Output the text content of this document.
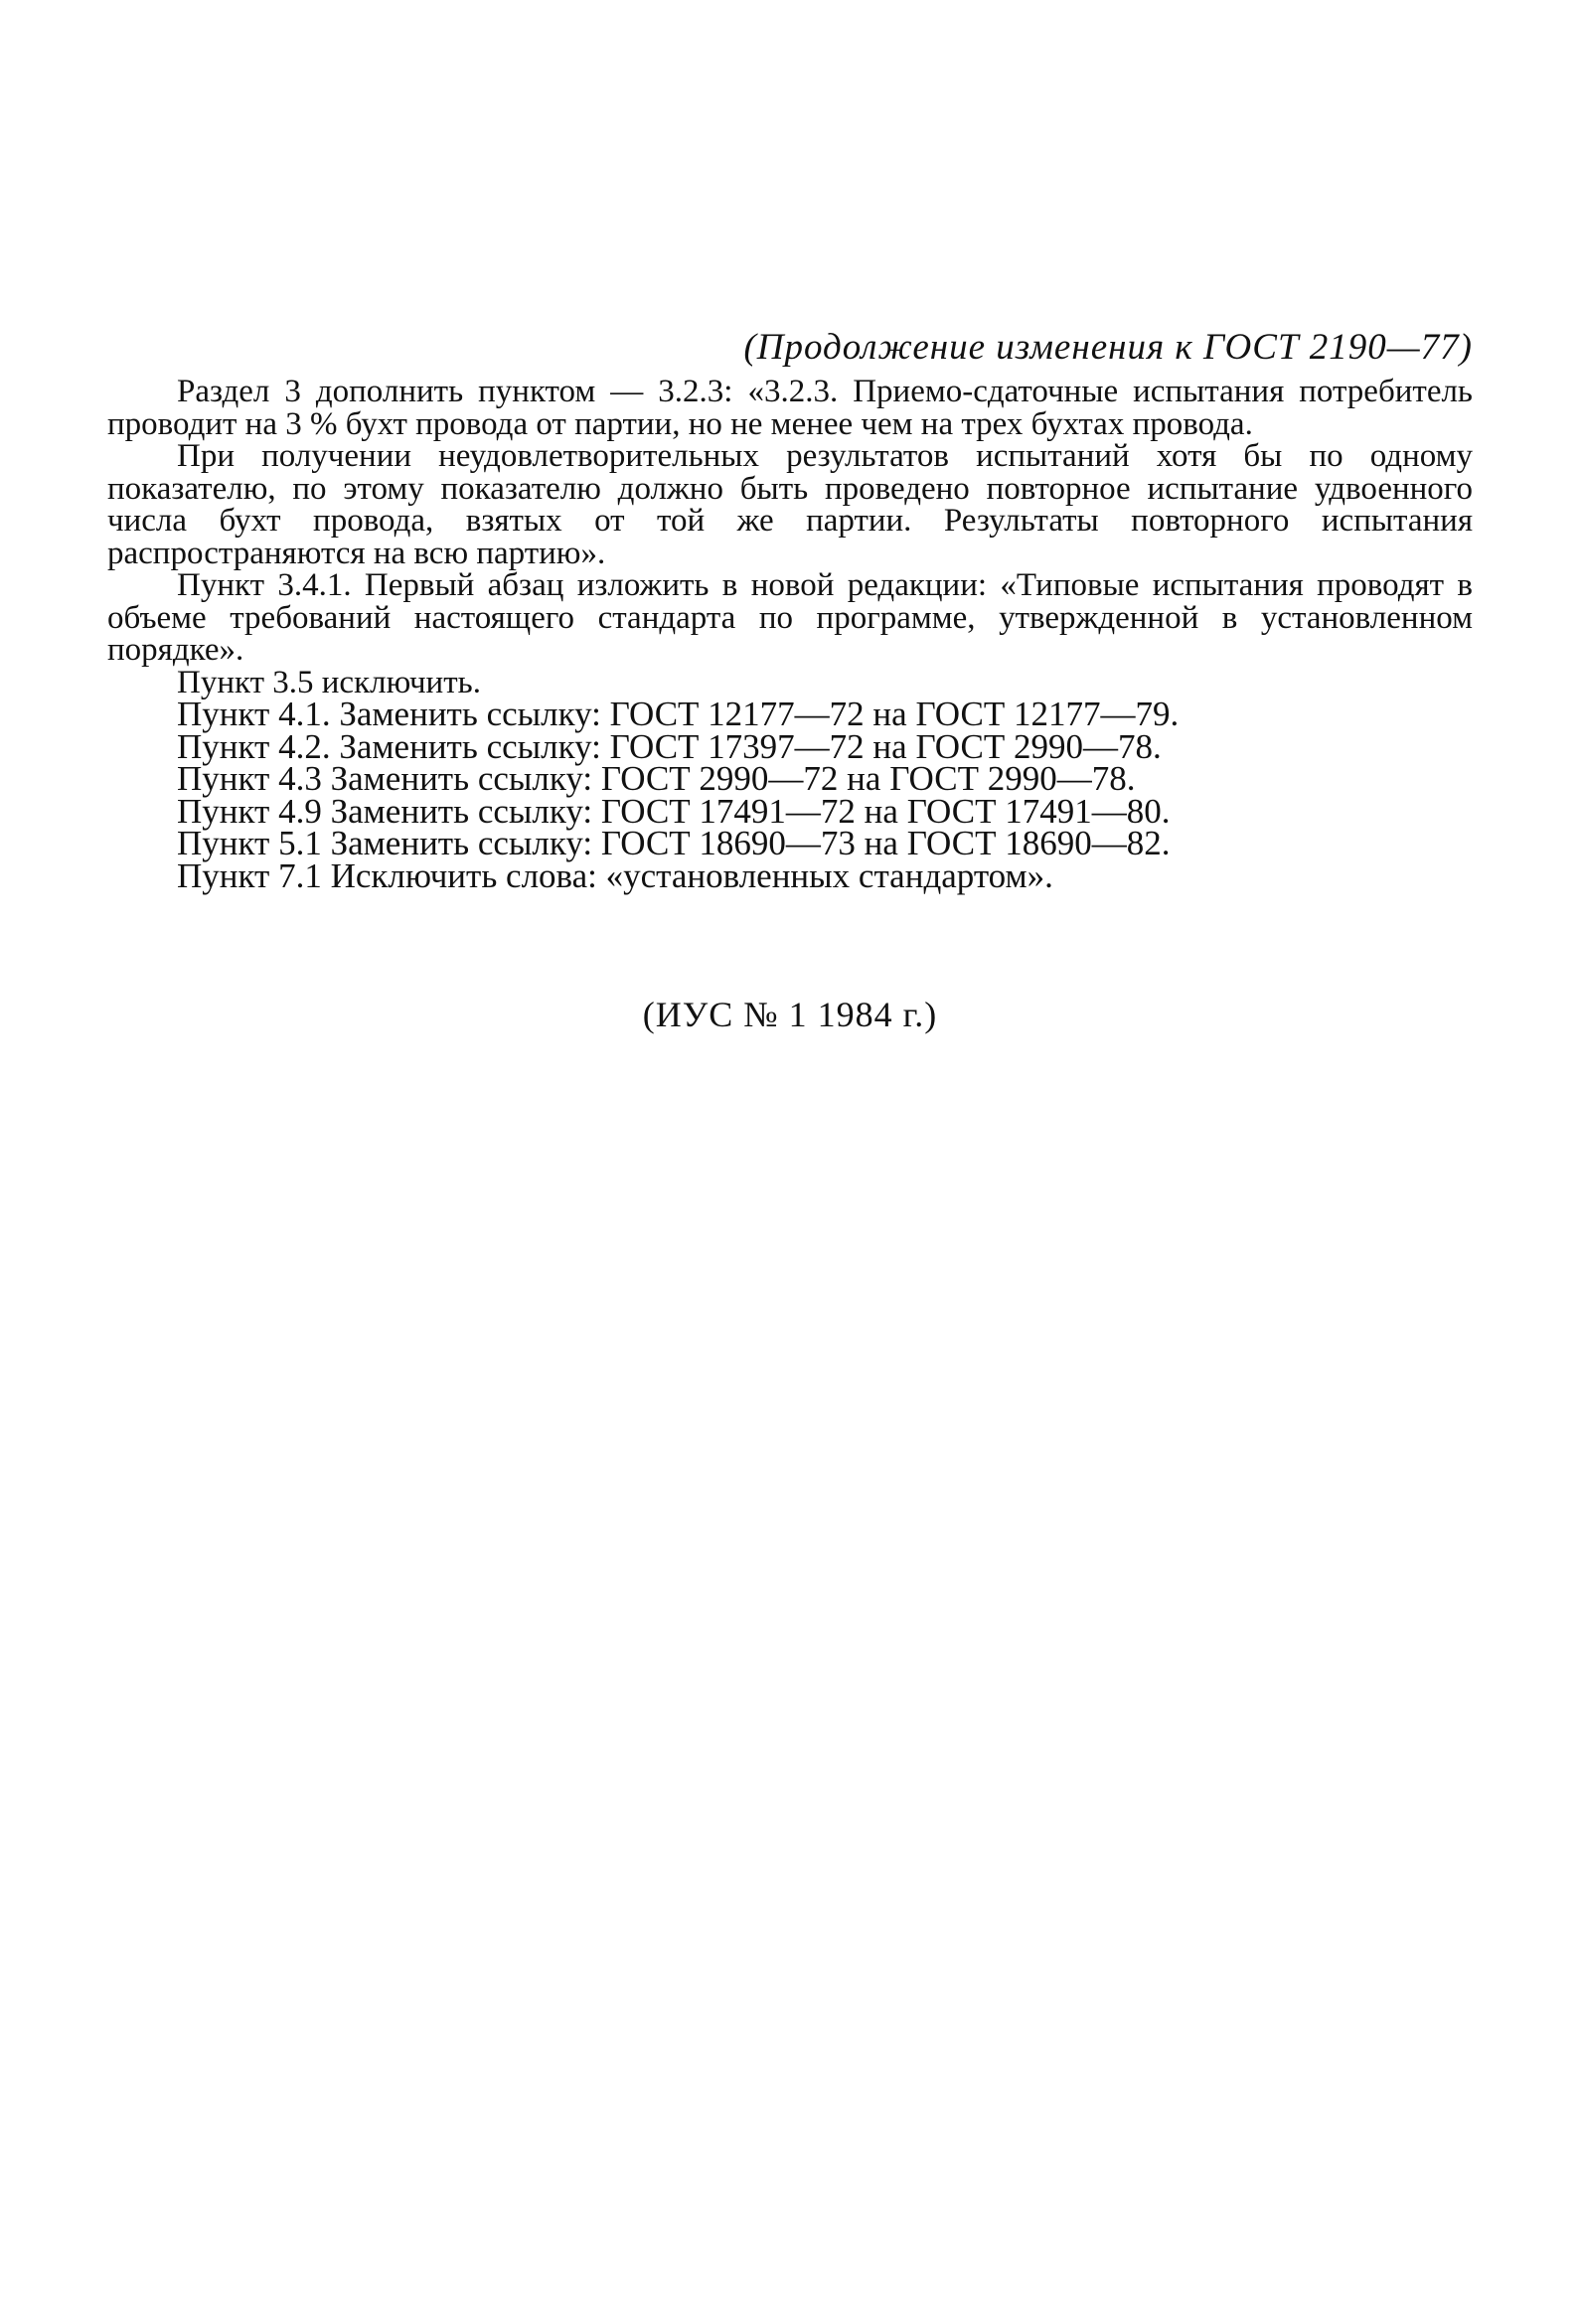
(Продолжение изменения к ГОСТ 2190—77)

Раздел 3 дополнить пунктом — 3.2.3: «3.2.3. Приемо-сдаточные испытания потребитель проводит на 3 % бухт провода от партии, но не менее чем на трех бухтах провода.

При получении неудовлетворительных результатов испытаний хотя бы по одному показателю, по этому показателю должно быть проведено повторное испытание удвоенного числа бухт провода, взятых от той же партии. Результаты повторного испытания распространяются на всю партию».

Пункт 3.4.1. Первый абзац изложить в новой редакции: «Типовые испытания проводят в объеме требований настоящего стандарта по программе, утвержденной в установленном порядке».

Пункт 3.5 исключить.
Пункт 4.1. Заменить ссылку: ГОСТ 12177—72 на ГОСТ 12177—79.
Пункт 4.2. Заменить ссылку: ГОСТ 17397—72 на ГОСТ 2990—78.
Пункт 4.3 Заменить ссылку: ГОСТ 2990—72 на ГОСТ 2990—78.
Пункт 4.9 Заменить ссылку: ГОСТ 17491—72 на ГОСТ 17491—80.
Пункт 5.1 Заменить ссылку: ГОСТ 18690—73 на ГОСТ 18690—82.
Пункт 7.1 Исключить слова: «установленных стандартом».
(ИУС № 1 1984 г.)
